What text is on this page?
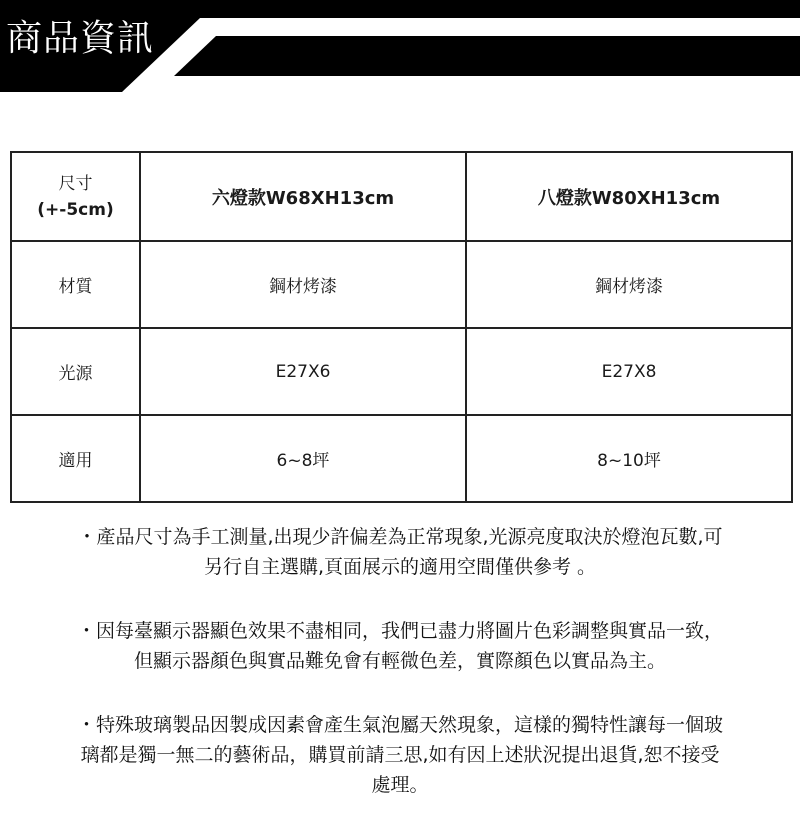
商品資訊
尺寸
(+-5cm)	六燈款W68XH13cm	八燈款W80XH13cm
材質	鋼材烤漆	鋼材烤漆
光源	E27X6	E27X8
適用	6~8坪	8~10坪

・產品尺寸為手工測量,出現少許偏差為正常現象,光源亮度取決於燈泡瓦數,可
另行自主選購,頁面展示的適用空間僅供參考 。

・因每臺顯示器顯色效果不盡相同，我們已盡力將圖片色彩調整與實品一致，
但顯示器顏色與實品難免會有輕微色差，實際顏色以實品為主。

・特殊玻璃製品因製成因素會產生氣泡屬天然現象，這樣的獨特性讓每一個玻
璃都是獨一無二的藝術品，購買前請三思,如有因上述狀況提出退貨,恕不接受
處理。
